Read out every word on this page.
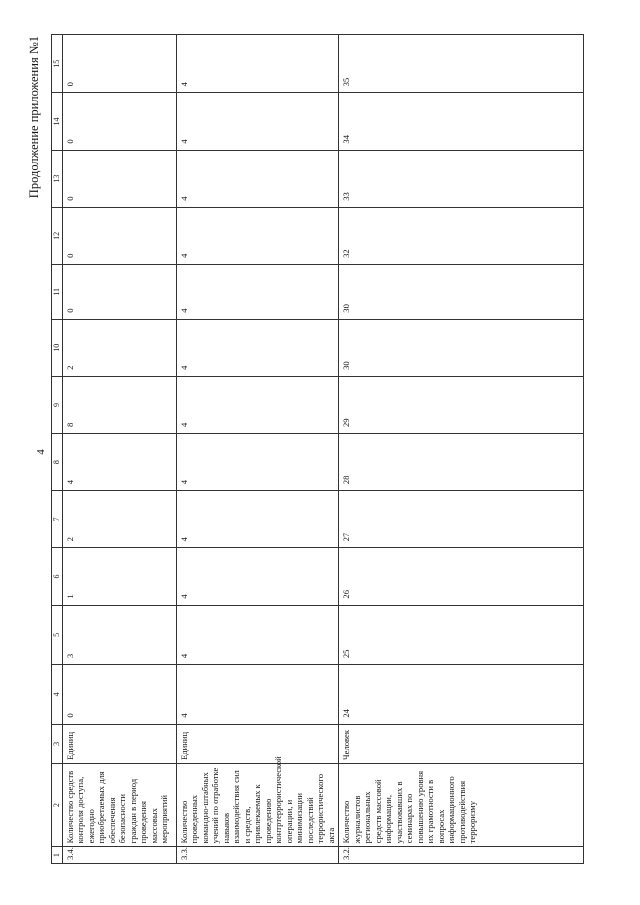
4
Продолжение приложения №1
1	2	3	4	5	6	7	8	9	10	11	12	13	14	15
3.4.	Количество средств контроля доступа, ежегодно приобретаемых для обеспечения безопасности граждан в период проведения массовых мероприятий	Единиц	0	3	1	2	4	8	2	0	0	0	0	0
3.3.	Количество проведенных командно-штабных учений по отработке навыков взаимодействия сил и средств, привлекаемых к проведению контртеррористической операции, и минимизации последствий террористического акта	Единиц	4	4	4	4	4	4	4	4	4	4	4	4
3.2.	Количество журналистов региональных средств массовой информации, участвовавших в семинарах по повышению уровня их грамотности в вопросах информационного противодействия терроризму	Человек	24	25	26	27	28	29	30	30	32	33	34	35
